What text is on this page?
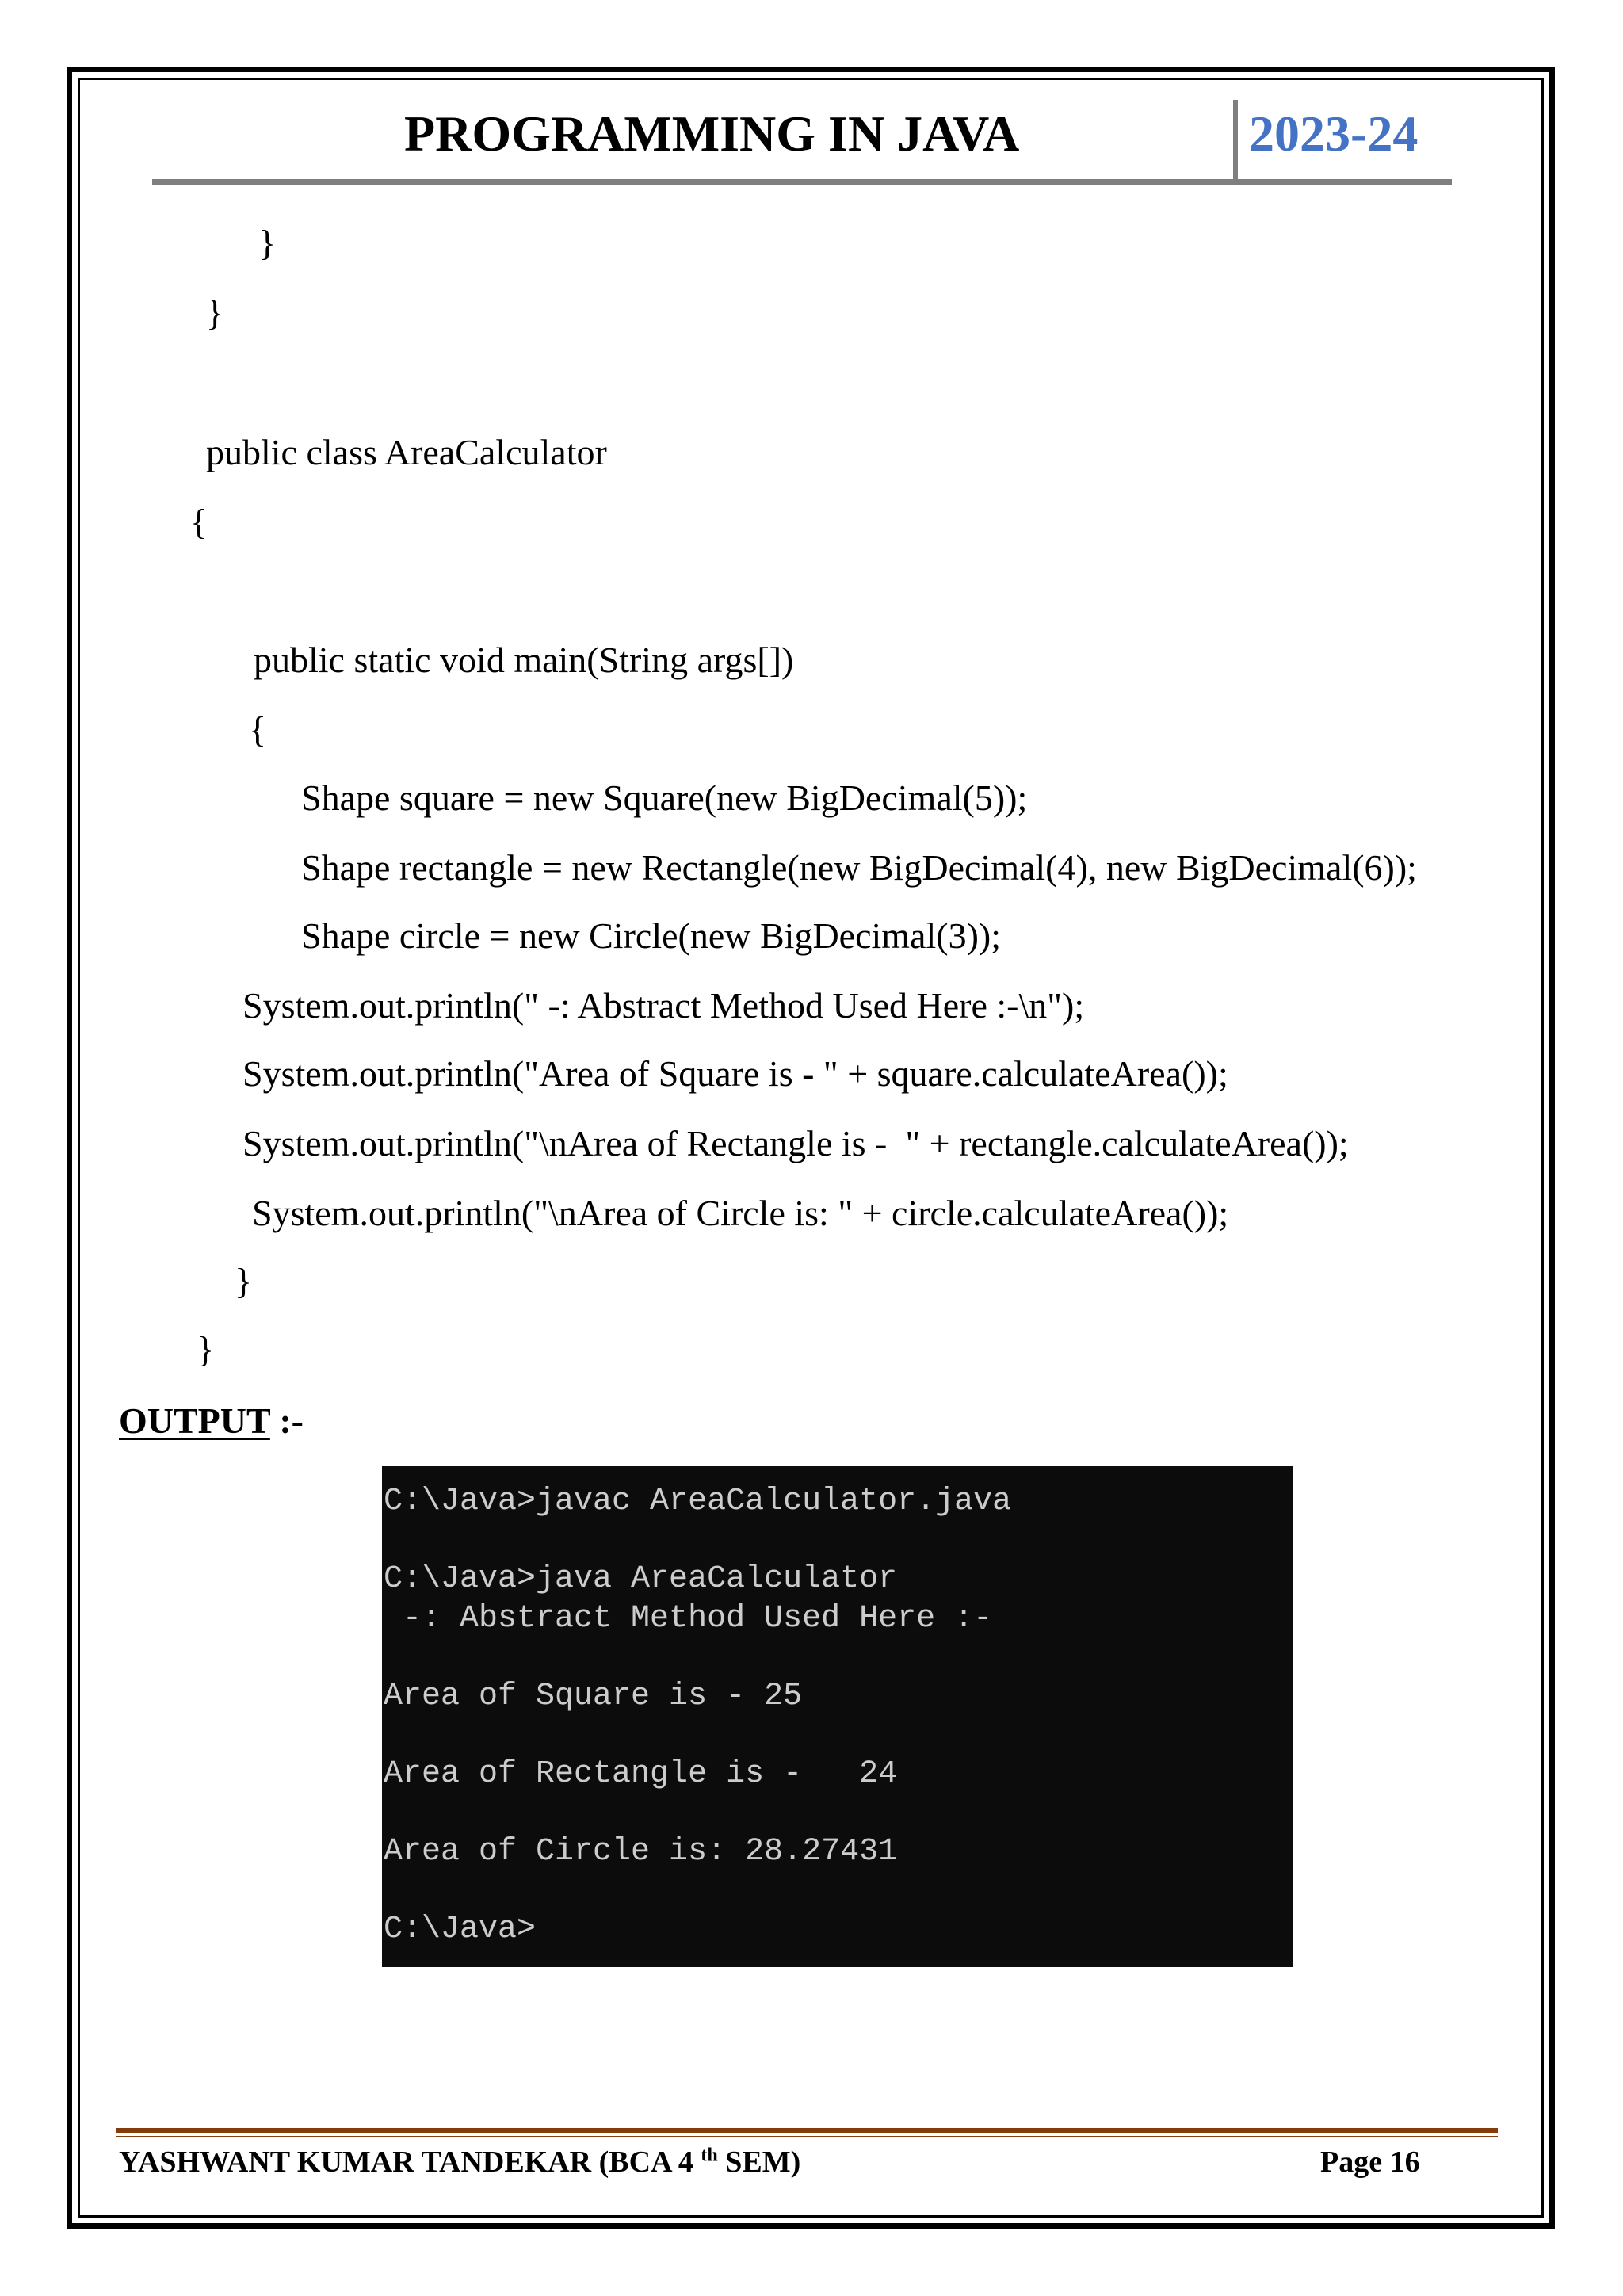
PROGRAMMING IN JAVA	2023-24
}
}
public class AreaCalculator
{
public static void main(String args[])
{
Shape square = new Square(new BigDecimal(5));
Shape rectangle = new Rectangle(new BigDecimal(4), new BigDecimal(6));
Shape circle = new Circle(new BigDecimal(3));
System.out.println(" -: Abstract Method Used Here :-\n");
System.out.println("Area of Square is - " + square.calculateArea());
System.out.println("\nArea of Rectangle is -  " + rectangle.calculateArea());
System.out.println("\nArea of Circle is: " + circle.calculateArea());
}
}
OUTPUT :-
C:\Java>javac AreaCalculator.java
C:\Java>java AreaCalculator
-: Abstract Method Used Here :-
Area of Square is - 25
Area of Rectangle is -   24
Area of Circle is: 28.27431
C:\Java>
YASHWANT KUMAR TANDEKAR (BCA 4 $^{th}$ SEM)	Page 16
